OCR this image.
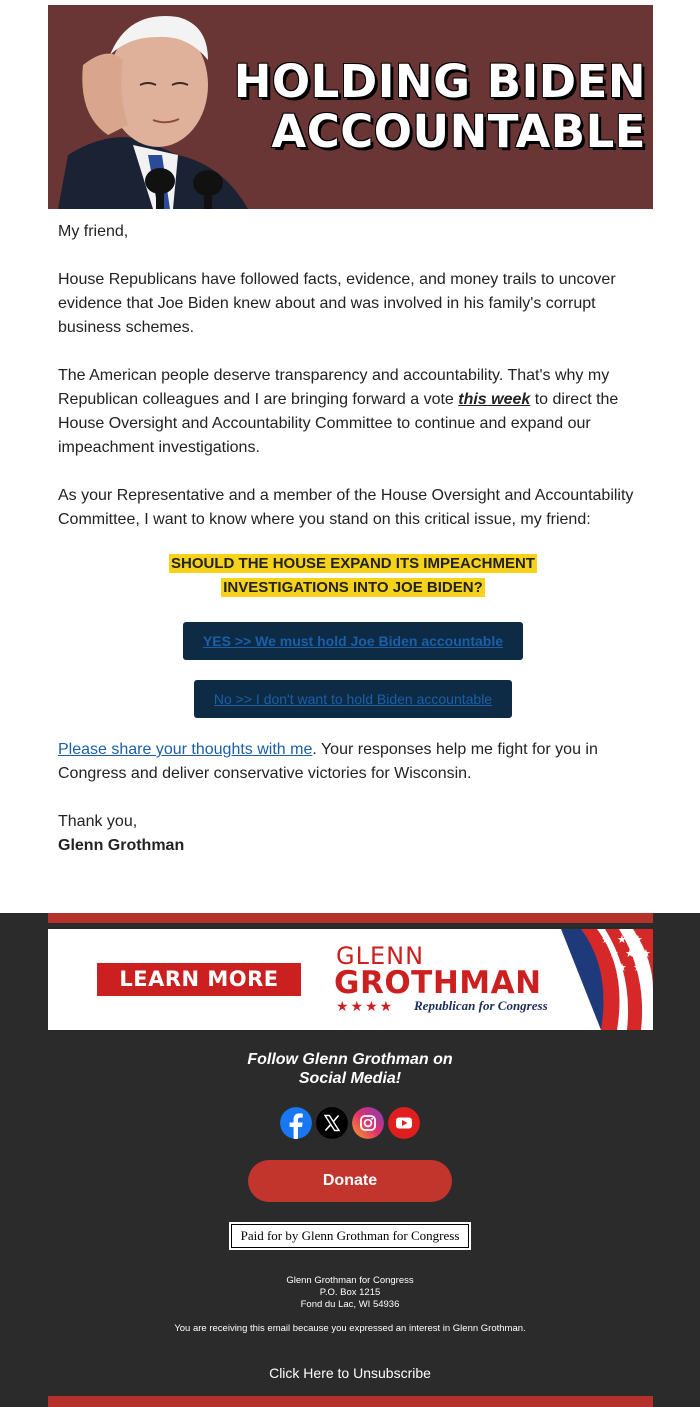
HOLDING BIDEN
ACCOUNTABLE

My friend,

House Republicans have followed facts, evidence, and money trails to uncover evidence that Joe Biden knew about and was involved in his family's corrupt business schemes.

The American people deserve transparency and accountability. That's why my Republican colleagues and I are bringing forward a vote this week to direct the House Oversight and Accountability Committee to continue and expand our impeachment investigations.

As your Representative and a member of the House Oversight and Accountability Committee, I want to know where you stand on this critical issue, my friend:

SHOULD THE HOUSE EXPAND ITS IMPEACHMENT
INVESTIGATIONS INTO JOE BIDEN?
YES >> We must hold Joe Biden accountable
No >> I don't want to hold Biden accountable

Please share your thoughts with me. Your responses help me fight for you in Congress and deliver conservative victories for Wisconsin.

Thank you,
Glenn Grothman
LEARN MORE
GLENN
GROTHMAN
★★★★ Republican for Congress
★ ★ ★
★ ★ ★
★ ★
Follow Glenn Grothman on
Social Media!
Donate
Paid for by Glenn Grothman for Congress
Glenn Grothman for Congress
P.O. Box 1215
Fond du Lac, WI 54936
You are receiving this email because you expressed an interest in Glenn Grothman.
Click Here to Unsubscribe
